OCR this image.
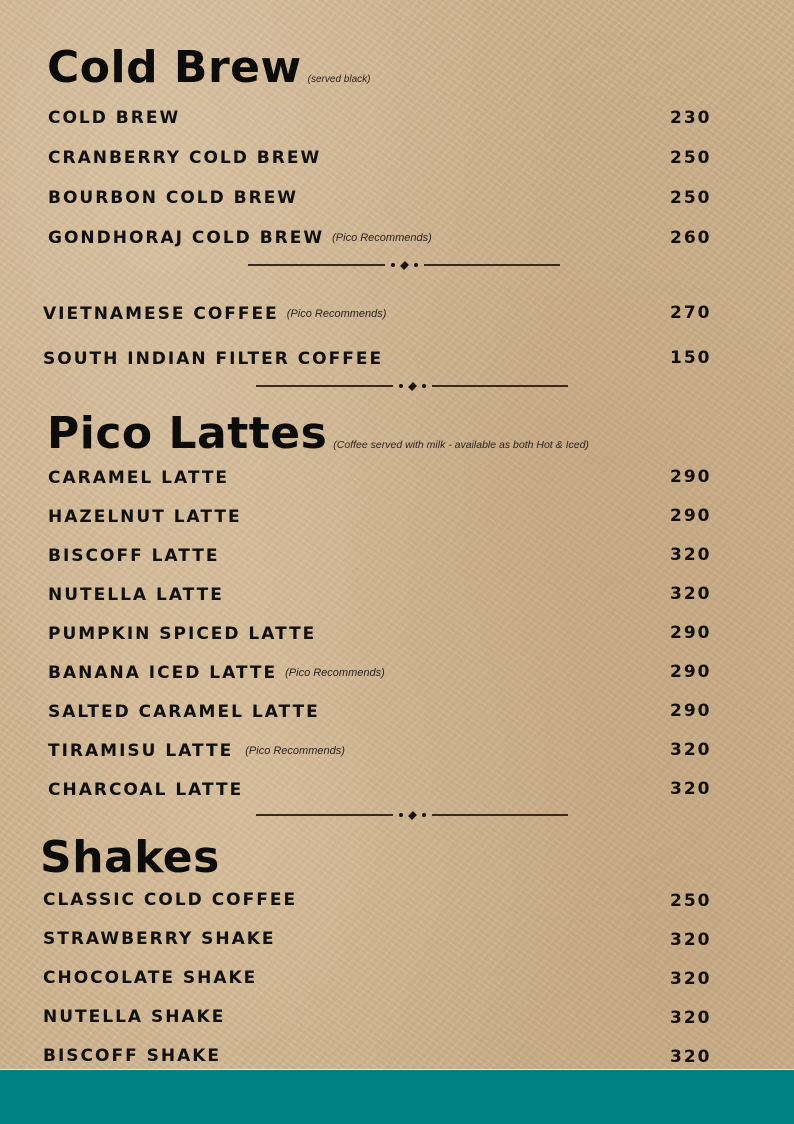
Cold Brew (served black)
COLD BREW	230
CRANBERRY COLD BREW	250
BOURBON COLD BREW	250
GONDHORAJ COLD BREW (Pico Recommends)	260
VIETNAMESE COFFEE (Pico Recommends)	270
SOUTH INDIAN FILTER COFFEE	150
Pico Lattes (Coffee served with milk - available as both Hot & Iced)
CARAMEL LATTE	290
HAZELNUT LATTE	290
BISCOFF LATTE	320
NUTELLA LATTE	320
PUMPKIN SPICED LATTE	290
BANANA ICED LATTE (Pico Recommends)	290
SALTED CARAMEL LATTE	290
TIRAMISU LATTE (Pico Recommends)	320
CHARCOAL LATTE	320
Shakes
CLASSIC COLD COFFEE	250
STRAWBERRY SHAKE	320
CHOCOLATE SHAKE	320
NUTELLA SHAKE	320
BISCOFF SHAKE	320
